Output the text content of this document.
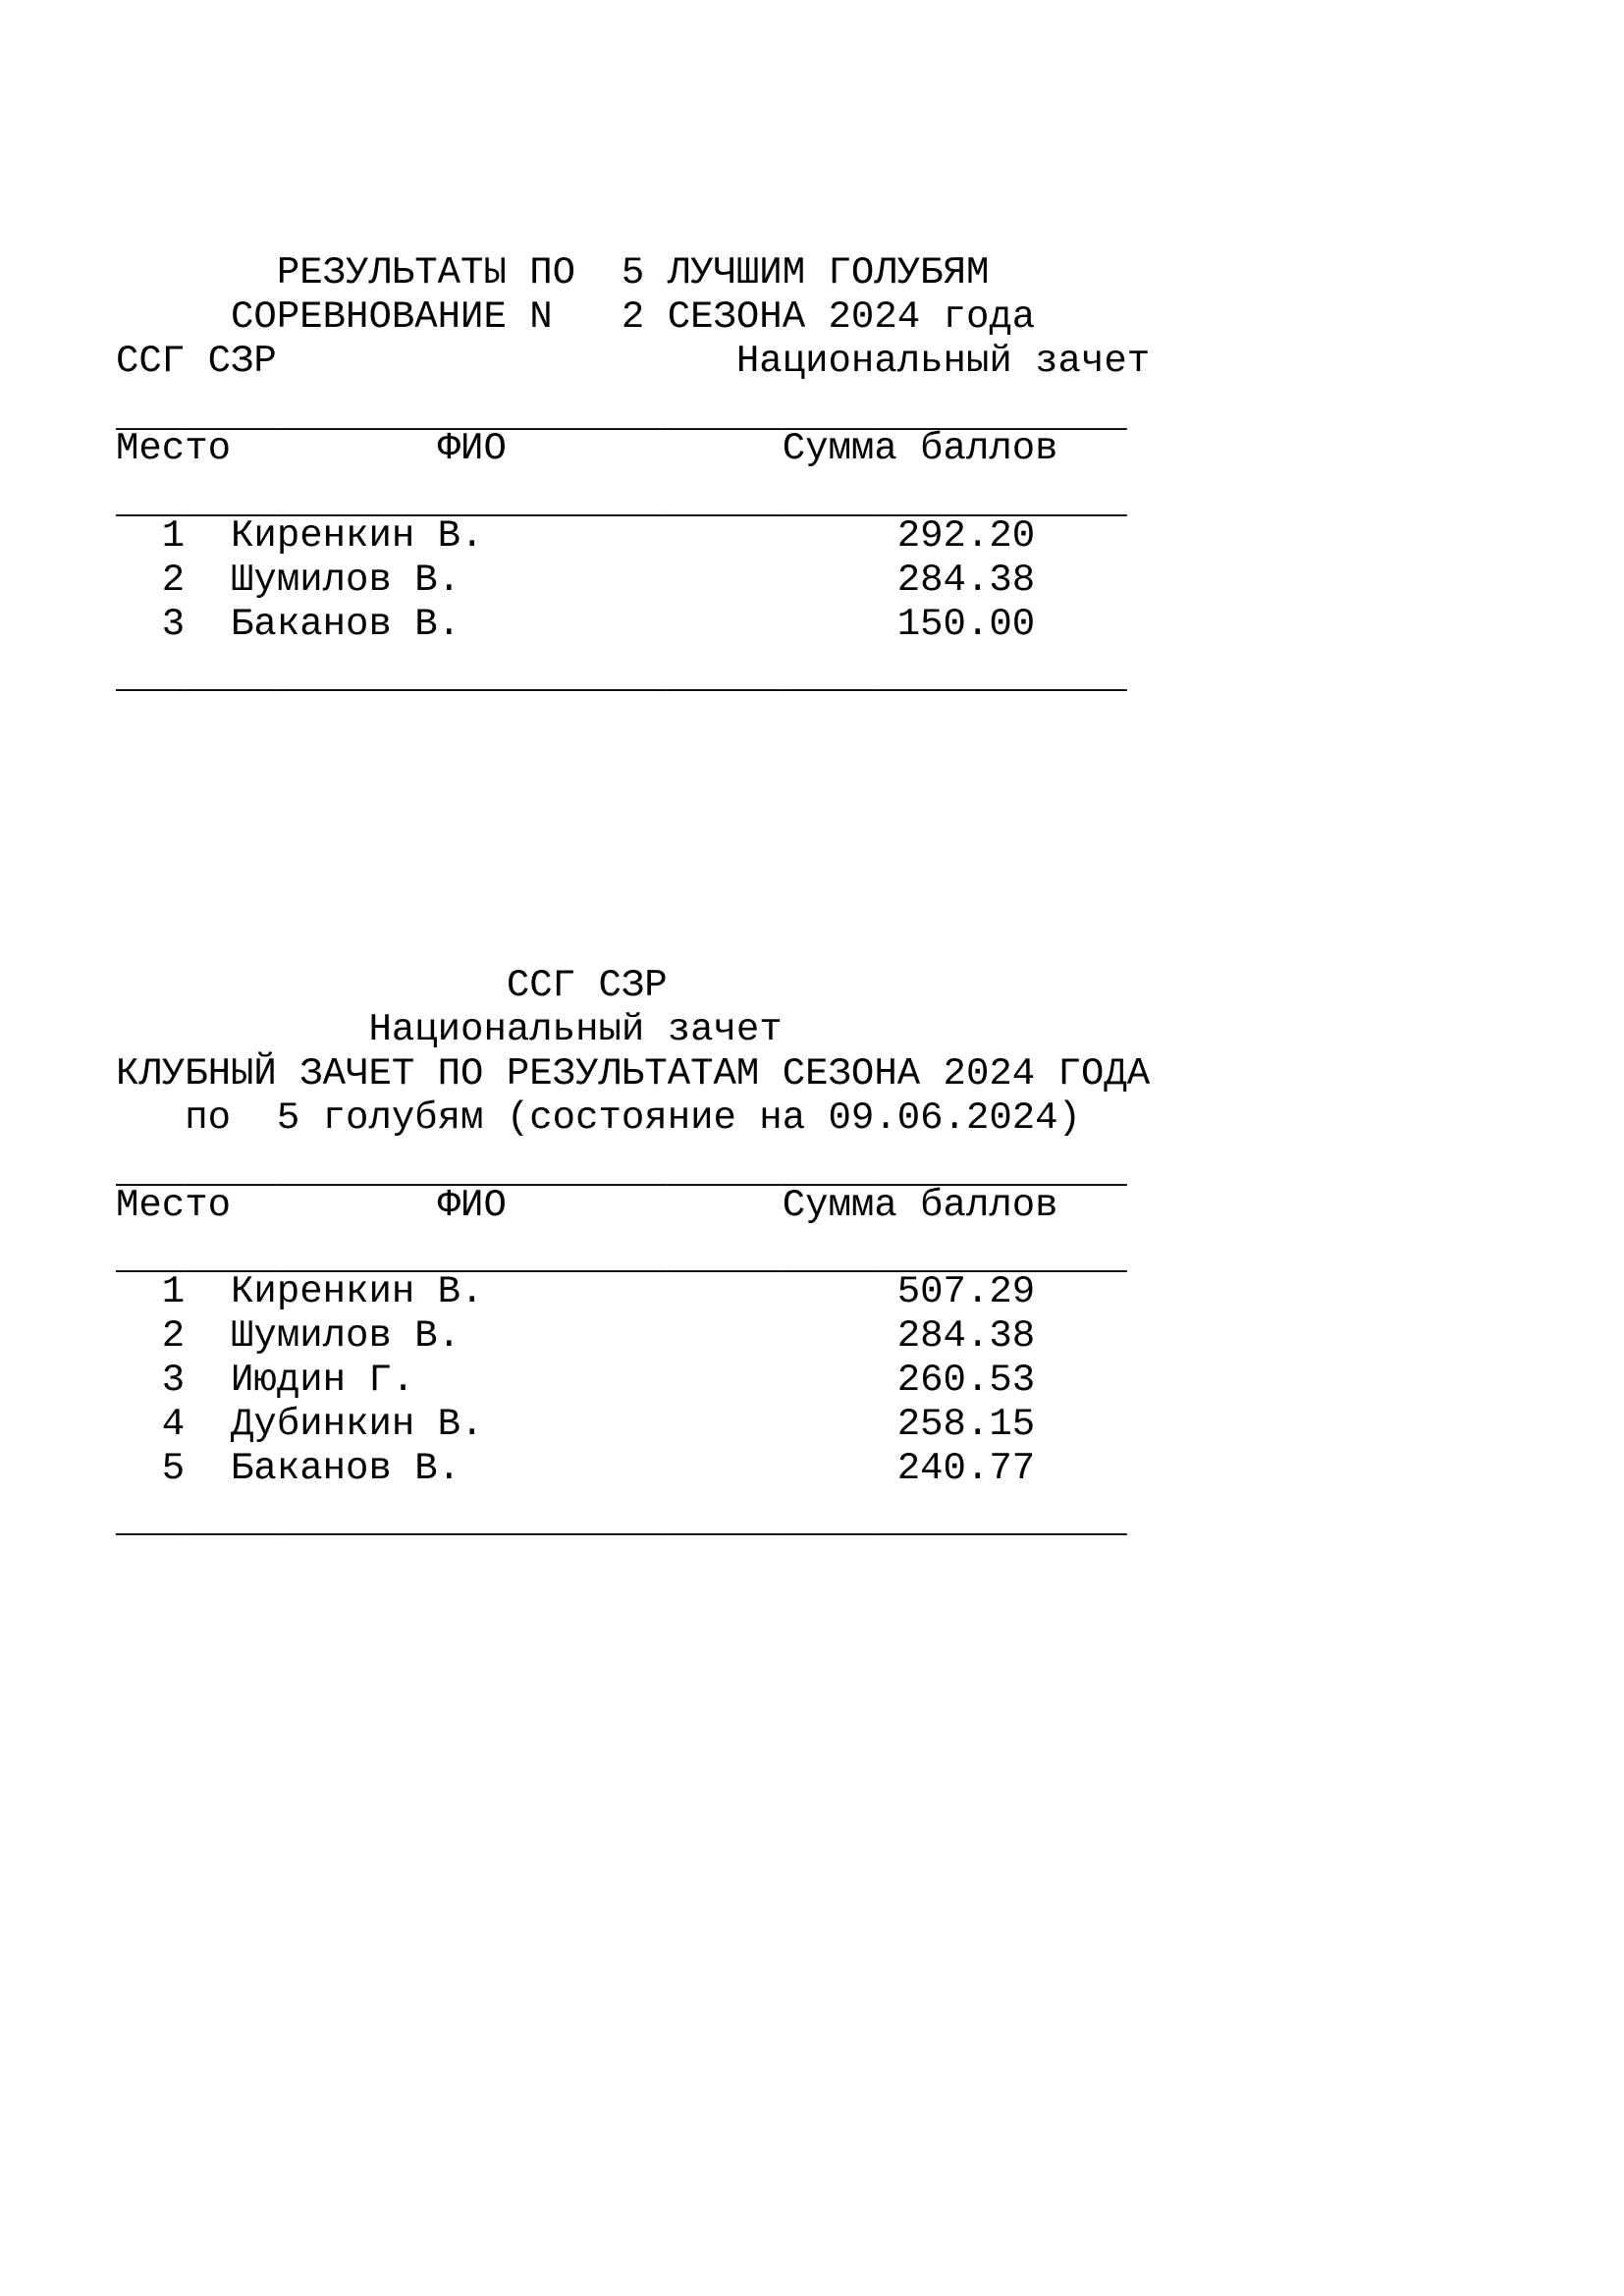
РЕЗУЛЬТАТЫ ПО  5 ЛУЧШИМ ГОЛУБЯМ

СОРЕВНОВАНИЕ N   2 СЕЗОНА 2024 года

ССГ СЗР                    Национальный зачет

____________________________________________

Место         ФИО            Сумма баллов

____________________________________________

1  Киренкин В.                  292.20

2  Шумилов В.                   284.38

3  Баканов В.                   150.00

____________________________________________

ССГ СЗР

Национальный зачет

КЛУБНЫЙ ЗАЧЕТ ПО РЕЗУЛЬТАТАМ СЕЗОНА 2024 ГОДА

по  5 голубям (состояние на 09.06.2024)

____________________________________________

Место         ФИО            Сумма баллов

____________________________________________

1  Киренкин В.                  507.29

2  Шумилов В.                   284.38

3  Июдин Г.                     260.53

4  Дубинкин В.                  258.15

5  Баканов В.                   240.77

____________________________________________
